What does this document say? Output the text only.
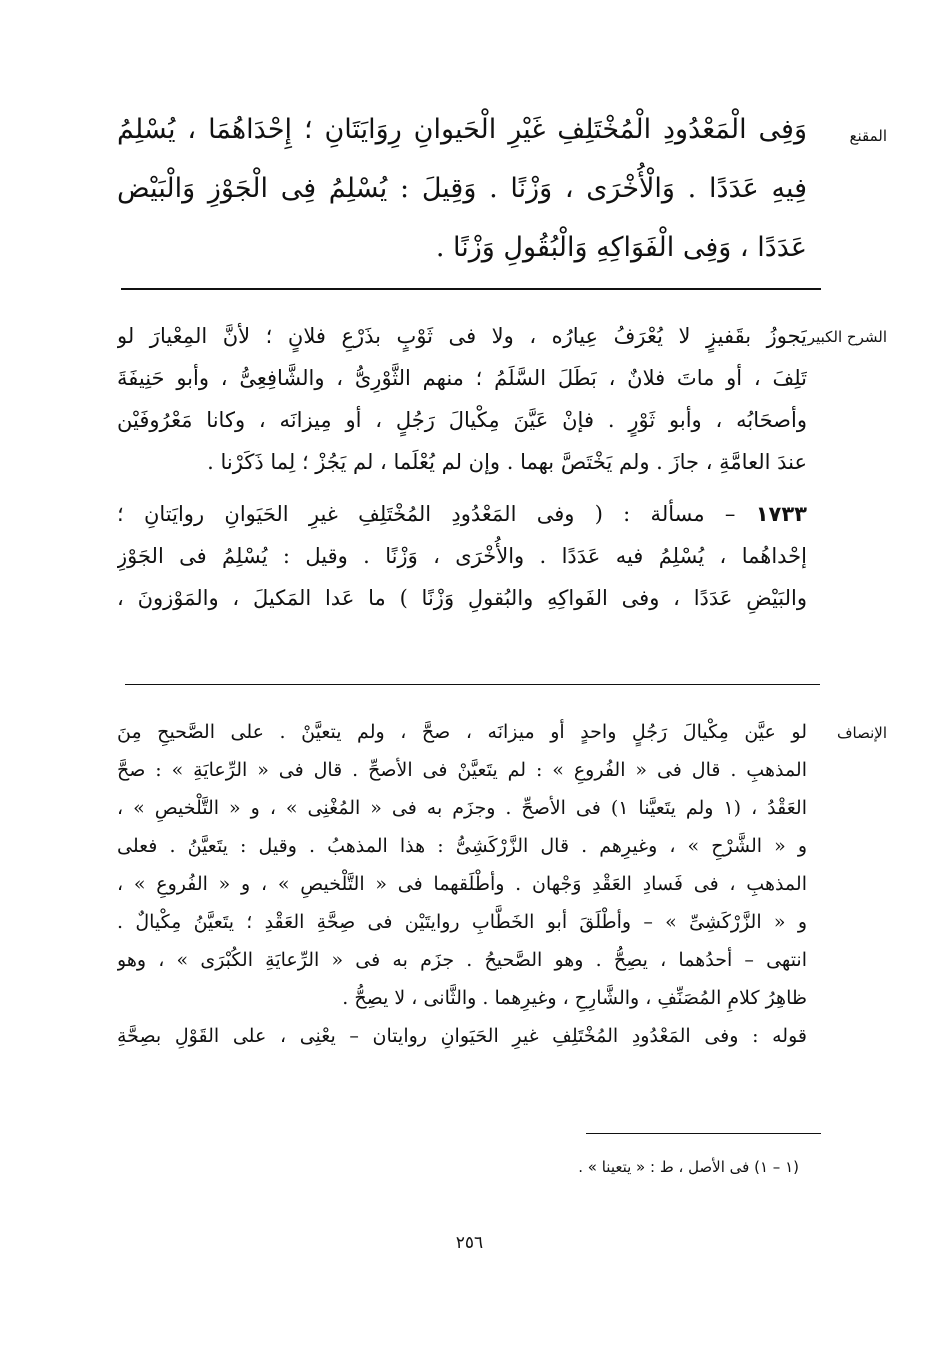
المقنع
وَفِى الْمَعْدُودِ الْمُخْتَلِفِ غَيْرِ الْحَيوانِ رِوَايَتَانِ ؛ إِحْدَاهُمَا ، يُسْلِمُ
فِيهِ عَدَدًا . وَالْأُخْرَى ، وَزْنًا . وَقِيلَ : يُسْلِمُ فِى الْجَوْزِ وَالْبَيْض
عَدَدًا ، وَفِى الْفَوَاكِهِ وَالْبُقُولِ وَزْنًا .
الشرح الكبير
يَجوزُ بقَفيزٍ لا يُعْرَفُ عِيارُه ، ولا فى ثَوْبٍ بذَرْعِ فلانٍ ؛ لأنَّ المِعْيارَ لو
تَلِفَ ، أو ماتَ فلانٌ ، بَطَلَ السَّلَمُ ؛ منهم الثَّوْرِىُّ ، والشَّافِعِىُّ ، وأبو حَنِيفَةَ
وأصحَابُه ، وأبو ثَوْرٍ . فإنْ عَيَّنَ مِكْيالَ رَجُلٍ ، أو مِيزانَه ، وكانا مَعْرُوفَيْن
عندَ العامَّةِ ، جازَ . ولم يَخْتَصَّ بهما . وإن لم يُعْلَما ، لم يَجُزْ ؛ لِما ذَكَرْنا .
١٧٣٣ – مسألة : ( وفى المَعْدُودِ المُخْتَلِفِ غيرِ الحَيَوانِ روايَتانِ ؛
إحْداهُما ، يُسْلِمُ فيه عَدَدًا . والأُخْرَى ، وَزْنًا . وقيل : يُسْلِمُ فى الجَوْزِ
والبَيْضِ عَدَدًا ، وفى الفَواكِهِ والبُقولِ وَزْنًا ) ما عَدا المَكيلَ ، والمَوْزونَ ،
الإنصاف
لو عيَّن مِكْيالَ رَجُلٍ واحدٍ أو ميزانَه ، صحَّ ، ولم يتعيَّنْ . على الصَّحيحِ مِنَ
المذهبِ . قال فى « الفُروعِ » : لم يتَعيَّنْ فى الأصحِّ . قال فى « الرِّعايَةِ » : صحَّ
العَقْدُ ، (١ ولم يتَعيَّنا ١) فى الأصحِّ . وجزَم به فى « المُغْنِى » ، و « التَّلْخيصِ » ،
و « الشَّرْحِ » ، وغيرِهم . قال الزَّرْكَشِىُّ : هذا المذهبُ . وقيل : يتَعيَّنُ . فعلى
المذهبِ ، فى فَسادِ العَقْدِ وَجْهان . وأطْلَقهما فى « التَّلْخيصِ » ، و « الفُروعِ » ،
و « الزَّرْكَشِىِّ » – وأطْلَقَ أبو الخَطَّابِ روايتَيْن فى صِحَّةِ العَقْدِ ؛ يتَعيَّنُ مِكْيالٌ .
انتهى – أحدُهما ، يصِحُّ . وهو الصَّحيحُ . جزَم به فى « الرِّعايَةِ الكُبْرَى » ، وهو
ظاهِرُ كلامِ المُصَنِّفِ ، والشَّارِحِ ، وغيرِهما . والثَّانى ، لا يصِحُّ .
قوله : وفى المَعْدُودِ المُخْتَلِفِ غيرِ الحَيَوانِ روايتان – يعْنِى ، على القَوْلِ بصِحَّةِ
(١ – ١) فى الأصل ، ط : « يتعينا » .
٢٥٦
